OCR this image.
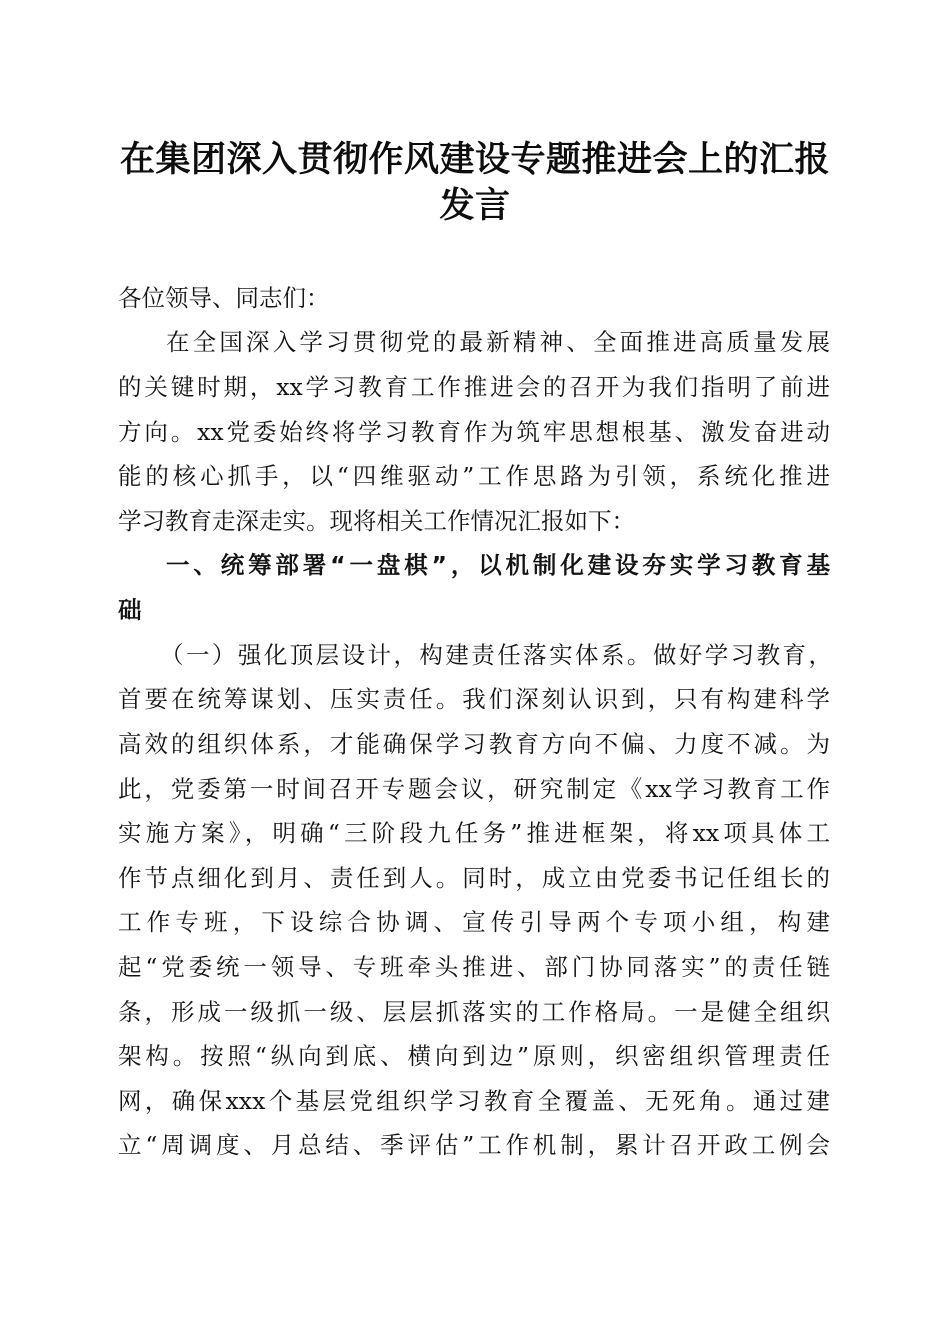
在集团深入贯彻作风建设专题推进会上的汇报
发言
各位领导、同志们：
在全国深入学习贯彻党的最新精神、全面推进高质量发展
的关键时期，xx学习教育工作推进会的召开为我们指明了前进
方向。xx党委始终将学习教育作为筑牢思想根基、激发奋进动
能的核心抓手，以“四维驱动”工作思路为引领，系统化推进
学习教育走深走实。现将相关工作情况汇报如下：
一、统筹部署“一盘棋”，以机制化建设夯实学习教育基
础
（一）强化顶层设计，构建责任落实体系。做好学习教育，
首要在统筹谋划、压实责任。我们深刻认识到，只有构建科学
高效的组织体系，才能确保学习教育方向不偏、力度不减。为
此，党委第一时间召开专题会议，研究制定《xx学习教育工作
实施方案》，明确“三阶段九任务”推进框架，将xx项具体工
作节点细化到月、责任到人。同时，成立由党委书记任组长的
工作专班，下设综合协调、宣传引导两个专项小组，构建
起“党委统一领导、专班牵头推进、部门协同落实”的责任链
条，形成一级抓一级、层层抓落实的工作格局。一是健全组织
架构。按照“纵向到底、横向到边”原则，织密组织管理责任
网，确保xxx个基层党组织学习教育全覆盖、无死角。通过建
立“周调度、月总结、季评估”工作机制，累计召开政工例会
